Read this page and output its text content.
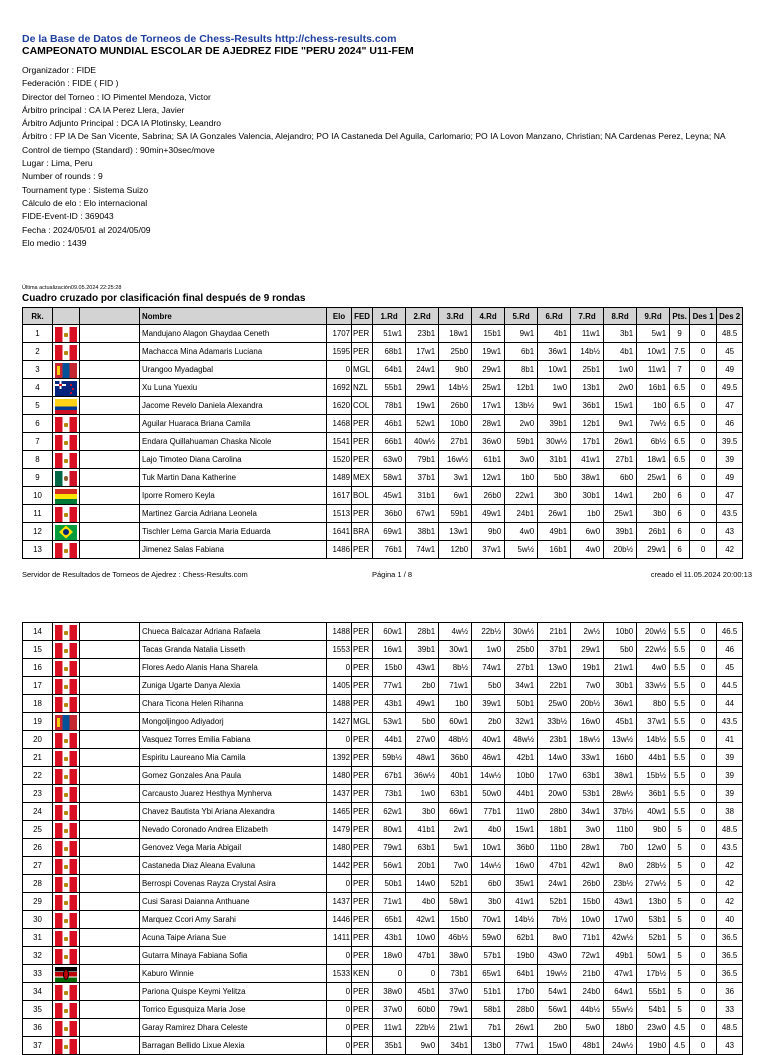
De la Base de Datos de Torneos de Chess-Results http://chess-results.com
CAMPEONATO MUNDIAL ESCOLAR DE AJEDREZ FIDE "PERU 2024" U11-FEM
Organizador : FIDE
Federación : FIDE ( FID )
Director del Torneo : IO Pimentel Mendoza, Victor
Árbitro principal : CA IA Perez Llera, Javier
Árbitro Adjunto Principal : DCA IA Plotinsky, Leandro
Árbitro : FP IA De San Vicente, Sabrina; SA IA Gonzales Valencia, Alejandro; PO IA Castaneda Del Aguila, Carlomario; PO IA Lovon Manzano, Christian; NA Cardenas Perez, Leyna; NA
Control de tiempo (Standard) : 90min+30sec/move
Lugar : Lima, Peru
Number of rounds : 9
Tournament type : Sistema Suizo
Cálculo de elo : Elo internacional
FIDE-Event-ID : 369043
Fecha : 2024/05/01 al 2024/05/09
Elo medio : 1439
Última actualización09.05.2024 22:25:28
Cuadro cruzado por clasificación final después de 9 rondas
Rk.			Nombre	Elo	FED	1.Rd	2.Rd	3.Rd	4.Rd	5.Rd	6.Rd	7.Rd	8.Rd	9.Rd	Pts.	Des 1	Des 2
1			Mandujano Alagon Ghaydaa Ceneth	1707	PER	51w1	23b1	18w1	15b1	9w1	4b1	11w1	3b1	5w1	9	0	48.5
2			Machacca Mina Adamaris Luciana	1595	PER	68b1	17w1	25b0	19w1	6b1	36w1	14b½	4b1	10w1	7.5	0	45
3			Urangoo Myadagbal	0	MGL	64b1	24w1	9b0	29w1	8b1	10w1	25b1	1w0	11w1	7	0	49
4			Xu Luna Yuexiu	1692	NZL	55b1	29w1	14b½	25w1	12b1	1w0	13b1	2w0	16b1	6.5	0	49.5
5			Jacome Revelo Daniela Alexandra	1620	COL	78b1	19w1	26b0	17w1	13b½	9w1	36b1	15w1	1b0	6.5	0	47
6			Aguilar Huaraca Briana Camila	1468	PER	46b1	52w1	10b0	28w1	2w0	39b1	12b1	9w1	7w½	6.5	0	46
7			Endara Quillahuaman Chaska Nicole	1541	PER	66b1	40w½	27b1	36w0	59b1	30w½	17b1	26w1	6b½	6.5	0	39.5
8			Lajo Timoteo Diana Carolina	1520	PER	63w0	79b1	16w½	61b1	3w0	31b1	41w1	27b1	18w1	6.5	0	39
9			Tuk Martin Dana Katherine	1489	MEX	58w1	37b1	3w1	12w1	1b0	5b0	38w1	6b0	25w1	6	0	49
10			Iporre Romero Keyla	1617	BOL	45w1	31b1	6w1	26b0	22w1	3b0	30b1	14w1	2b0	6	0	47
11			Martinez Garcia Adriana Leonela	1513	PER	36b0	67w1	59b1	49w1	24b1	26w1	1b0	25w1	3b0	6	0	43.5
12			Tischler Lema Garcia Maria Eduarda	1641	BRA	69w1	38b1	13w1	9b0	4w0	49b1	6w0	39b1	26b1	6	0	43
13			Jimenez Salas Fabiana	1486	PER	76b1	74w1	12b0	37w1	5w½	16b1	4w0	20b½	29w1	6	0	42
Servidor de Resultados de Torneos de Ajedrez : Chess-Results.com	Página 1 / 8	creado el 11.05.2024 20:00:13
14			Chueca Balcazar Adriana Rafaela	1488	PER	60w1	28b1	4w½	22b½	30w½	21b1	2w½	10b0	20w½	5.5	0	46.5
15			Tacas Granda Natalia Lisseth	1553	PER	16w1	39b1	30w1	1w0	25b0	37b1	29w1	5b0	22w½	5.5	0	46
16			Flores Aedo Alanis Hana Sharela	0	PER	15b0	43w1	8b½	74w1	27b1	13w0	19b1	21w1	4w0	5.5	0	45
17			Zuniga Ugarte Danya Alexia	1405	PER	77w1	2b0	71w1	5b0	34w1	22b1	7w0	30b1	33w½	5.5	0	44.5
18			Chara Ticona Helen Rihanna	1488	PER	43b1	49w1	1b0	39w1	50b1	25w0	20b½	36w1	8b0	5.5	0	44
19			Mongoljingoo Adiyadorj	1427	MGL	53w1	5b0	60w1	2b0	32w1	33b½	16w0	45b1	37w1	5.5	0	43.5
20			Vasquez Torres Emilia Fabiana	0	PER	44b1	27w0	48b½	40w1	48w½	23b1	18w½	13w½	14b½	5.5	0	41
21			Espiritu Laureano Mia Camila	1392	PER	59b½	48w1	36b0	46w1	42b1	14w0	33w1	16b0	44b1	5.5	0	39
22			Gomez Gonzales Ana Paula	1480	PER	67b1	36w½	40b1	14w½	10b0	17w0	63b1	38w1	15b½	5.5	0	39
23			Carcausto Juarez Hesthya Mynherva	1437	PER	73b1	1w0	63b1	50w0	44b1	20w0	53b1	28w½	36b1	5.5	0	39
24			Chavez Bautista Ybi Ariana Alexandra	1465	PER	62w1	3b0	66w1	77b1	11w0	28b0	34w1	37b½	40w1	5.5	0	38
25			Nevado Coronado Andrea Elizabeth	1479	PER	80w1	41b1	2w1	4b0	15w1	18b1	3w0	11b0	9b0	5	0	48.5
26			Genovez Vega Maria Abigail	1480	PER	79w1	63b1	5w1	10w1	36b0	11b0	28w1	7b0	12w0	5	0	43.5
27			Castaneda Diaz Aleana Evaluna	1442	PER	56w1	20b1	7w0	14w½	16w0	47b1	42w1	8w0	28b½	5	0	42
28			Berrospi Covenas Rayza Crystal Asira	0	PER	50b1	14w0	52b1	6b0	35w1	24w1	26b0	23b½	27w½	5	0	42
29			Cusi Sarasi Daianna Anthuane	1437	PER	71w1	4b0	58w1	3b0	41w1	52b1	15b0	43w1	13b0	5	0	42
30			Marquez Ccori Amy Sarahi	1446	PER	65b1	42w1	15b0	70w1	14b½	7b½	10w0	17w0	53b1	5	0	40
31			Acuna Taipe Ariana Sue	1411	PER	43b1	10w0	46b½	59w0	62b1	8w0	71b1	42w½	52b1	5	0	36.5
32			Gutarra Minaya Fabiana Sofia	0	PER	18w0	47b1	38w0	57b1	19b0	43w0	72w1	49b1	50w1	5	0	36.5
33			Kaburo Winnie	1533	KEN	0	0	73b1	65w1	64b1	19w½	21b0	47w1	17b½	5	0	36.5
34			Pariona Quispe Keymi Yelitza	0	PER	38w0	45b1	37w0	51b1	17b0	54w1	24b0	64w1	55b1	5	0	36
35			Torrico Egusquiza Maria Jose	0	PER	37w0	60b0	79w1	58b1	28b0	56w1	44b½	55w½	54b1	5	0	33
36			Garay Ramirez Dhara Celeste	0	PER	11w1	22b½	21w1	7b1	26w1	2b0	5w0	18b0	23w0	4.5	0	48.5
37			Barragan Bellido Lixue Alexia	0	PER	35b1	9w0	34b1	13b0	77w1	15w0	48b1	24w½	19b0	4.5	0	43
